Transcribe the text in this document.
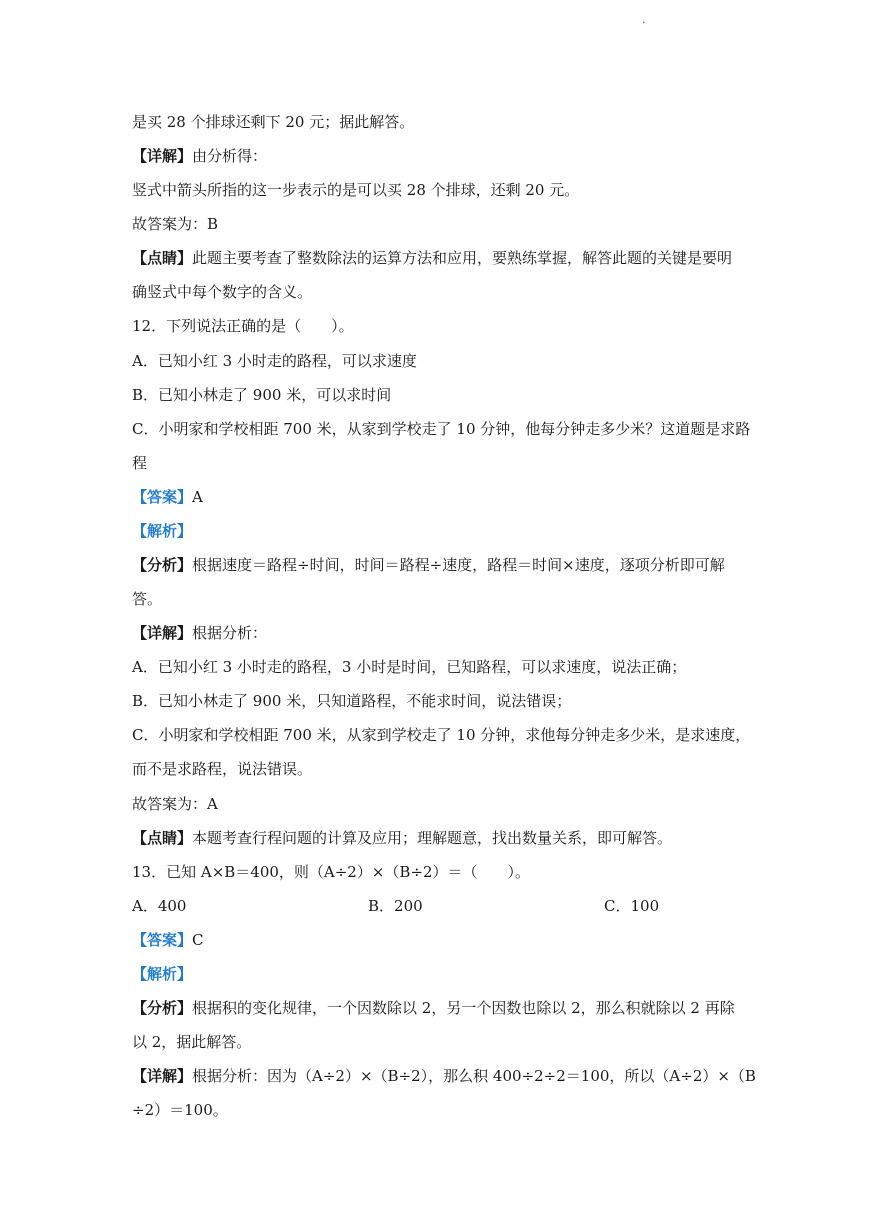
.
是买 28 个排球还剩下 20 元；据此解答。
【详解】由分析得：
竖式中箭头所指的这一步表示的是可以买 28 个排球，还剩 20 元。
故答案为：B
【点睛】此题主要考查了整数除法的运算方法和应用，要熟练掌握，解答此题的关键是要明
确竖式中每个数字的含义。
12．下列说法正确的是（　　）。
A．已知小红 3 小时走的路程，可以求速度
B．已知小林走了 900 米，可以求时间
C．小明家和学校相距 700 米，从家到学校走了 10 分钟，他每分钟走多少米？这道题是求路
程
【答案】A
【解析】
【分析】根据速度＝路程÷时间，时间＝路程÷速度，路程＝时间×速度，逐项分析即可解
答。
【详解】根据分析：
A．已知小红 3 小时走的路程，3 小时是时间，已知路程，可以求速度，说法正确；
B．已知小林走了 900 米，只知道路程，不能求时间，说法错误；
C．小明家和学校相距 700 米，从家到学校走了 10 分钟，求他每分钟走多少米，是求速度，
而不是求路程，说法错误。
故答案为：A
【点睛】本题考查行程问题的计算及应用；理解题意，找出数量关系，即可解答。
13．已知 A×B＝400，则（A÷2）×（B÷2）＝（　　）。
A．400	B．200	C．100
【答案】C
【解析】
【分析】根据积的变化规律，一个因数除以 2，另一个因数也除以 2，那么积就除以 2 再除
以 2，据此解答。
【详解】根据分析：因为（A÷2）×（B÷2），那么积 400÷2÷2＝100，所以（A÷2）×（B
÷2）＝100。
